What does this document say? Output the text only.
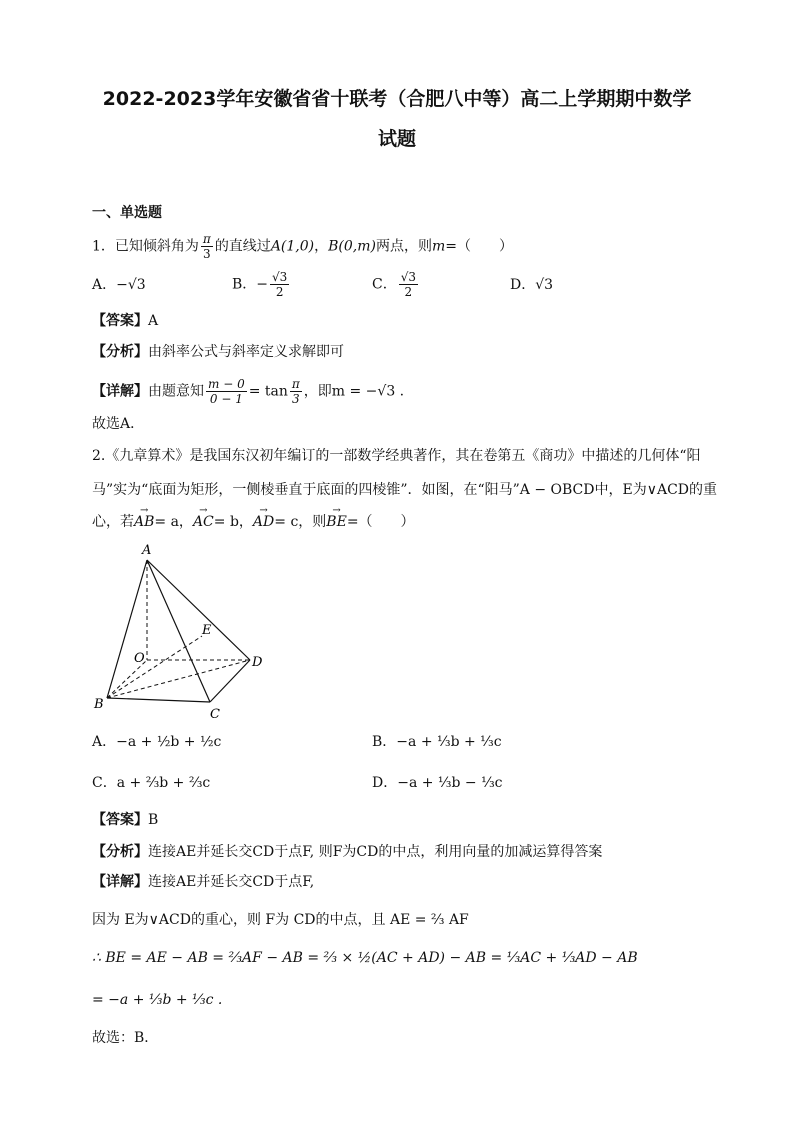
2022-2023学年安徽省省十联考（合肥八中等）高二上学期期中数学
试题
一、单选题
1．已知倾斜角为 $\frac{\pi}{3}$ 的直线过A(1,0)，B(0,m)两点，则m=（　　）
A．−√3	B．− $\frac{√3}{2}$	C． $\frac{√3}{2}$	D．√3
【答案】A
【分析】由斜率公式与斜率定义求解即可
【详解】由题意知 $\frac{m - 0}{0 - 1} = \tan \frac{\pi}{3}$ ，即m = −√3 .
故选A．
2.《九章算术》是我国东汉初年编订的一部数学经典著作，其在卷第五《商功》中描述的几何体“阳
马”实为“底面为矩形，一侧棱垂直于底面的四棱锥”．如图，在“阳马”A − OBCD中，E为∨ACD的重
心，若→ AB= a，→ AC= b，→ AD= c，则→ BE=（　　）
A
B
C
D
E
O
A．−a + ½b + ½c	B．−a + ⅓b + ⅓c
C．a + ⅔b + ⅔c	D．−a + ⅓b − ⅓c
【答案】B
【分析】连接AE并延长交CD于点F, 则F为CD的中点，利用向量的加减运算得答案
【详解】连接AE并延长交CD于点F,
因为 E为∨ACD的重心，则 F为 CD的中点，且 AE = ⅔ AF
∴ BE = AE − AB = ⅔AF − AB = ⅔ × ½(AC + AD) − AB = ⅓AC + ⅓AD − AB
= −a + ⅓b + ⅓c .
故选：B．
